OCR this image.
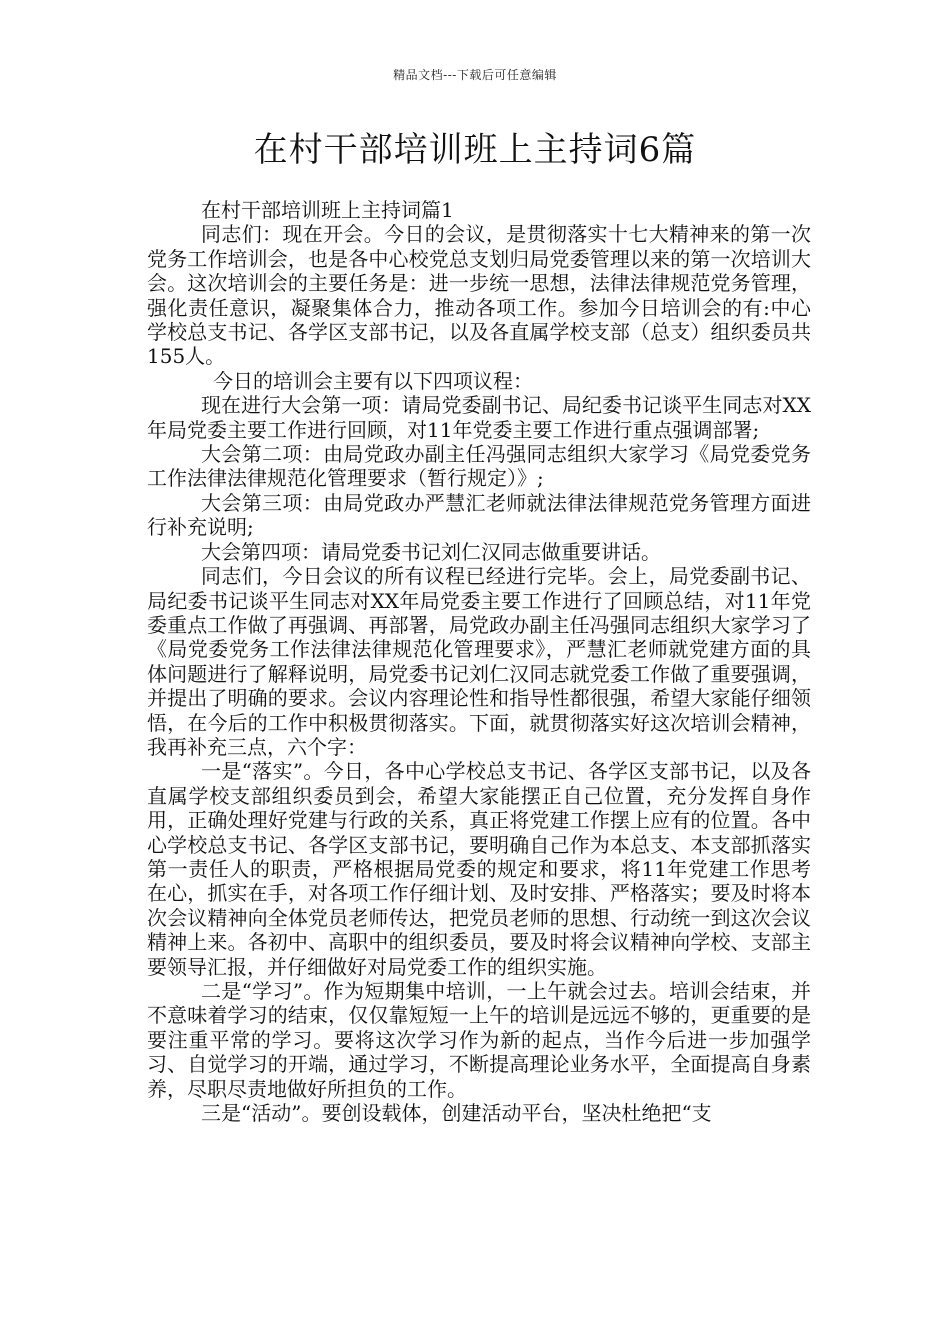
精品文档---下载后可任意编辑
在村干部培训班上主持词6篇

在村干部培训班上主持词篇1

同志们：现在开会。今日的会议，是贯彻落实十七大精神来的第一次党务工作培训会，也是各中心校党总支划归局党委管理以来的第一次培训大会。这次培训会的主要任务是：进一步统一思想，法律法律规范党务管理，强化责任意识，凝聚集体合力，推动各项工作。参加今日培训会的有:中心学校总支书记、各学区支部书记，以及各直属学校支部（总支）组织委员共155人。

今日的培训会主要有以下四项议程：

现在进行大会第一项：请局党委副书记、局纪委书记谈平生同志对XX年局党委主要工作进行回顾，对11年党委主要工作进行重点强调部署;

大会第二项：由局党政办副主任冯强同志组织大家学习《局党委党务工作法律法律规范化管理要求（暂行规定）》;

大会第三项：由局党政办严慧汇老师就法律法律规范党务管理方面进行补充说明;

大会第四项：请局党委书记刘仁汉同志做重要讲话。

同志们，今日会议的所有议程已经进行完毕。会上，局党委副书记、局纪委书记谈平生同志对XX年局党委主要工作进行了回顾总结，对11年党委重点工作做了再强调、再部署，局党政办副主任冯强同志组织大家学习了《局党委党务工作法律法律规范化管理要求》，严慧汇老师就党建方面的具体问题进行了解释说明，局党委书记刘仁汉同志就党委工作做了重要强调，并提出了明确的要求。会议内容理论性和指导性都很强，希望大家能仔细领悟，在今后的工作中积极贯彻落实。下面，就贯彻落实好这次培训会精神，我再补充三点，六个字：

一是“落实”。今日，各中心学校总支书记、各学区支部书记，以及各直属学校支部组织委员到会，希望大家能摆正自己位置，充分发挥自身作用，正确处理好党建与行政的关系，真正将党建工作摆上应有的位置。各中心学校总支书记、各学区支部书记，要明确自己作为本总支、本支部抓落实第一责任人的职责，严格根据局党委的规定和要求，将11年党建工作思考在心，抓实在手，对各项工作仔细计划、及时安排、严格落实；要及时将本次会议精神向全体党员老师传达，把党员老师的思想、行动统一到这次会议精神上来。各初中、高职中的组织委员，要及时将会议精神向学校、支部主要领导汇报，并仔细做好对局党委工作的组织实施。

二是“学习”。作为短期集中培训，一上午就会过去。培训会结束，并不意味着学习的结束，仅仅靠短短一上午的培训是远远不够的，更重要的是要注重平常的学习。要将这次学习作为新的起点，当作今后进一步加强学习、自觉学习的开端，通过学习，不断提高理论业务水平，全面提高自身素养，尽职尽责地做好所担负的工作。

三是“活动”。要创设载体，创建活动平台，坚决杜绝把“支
